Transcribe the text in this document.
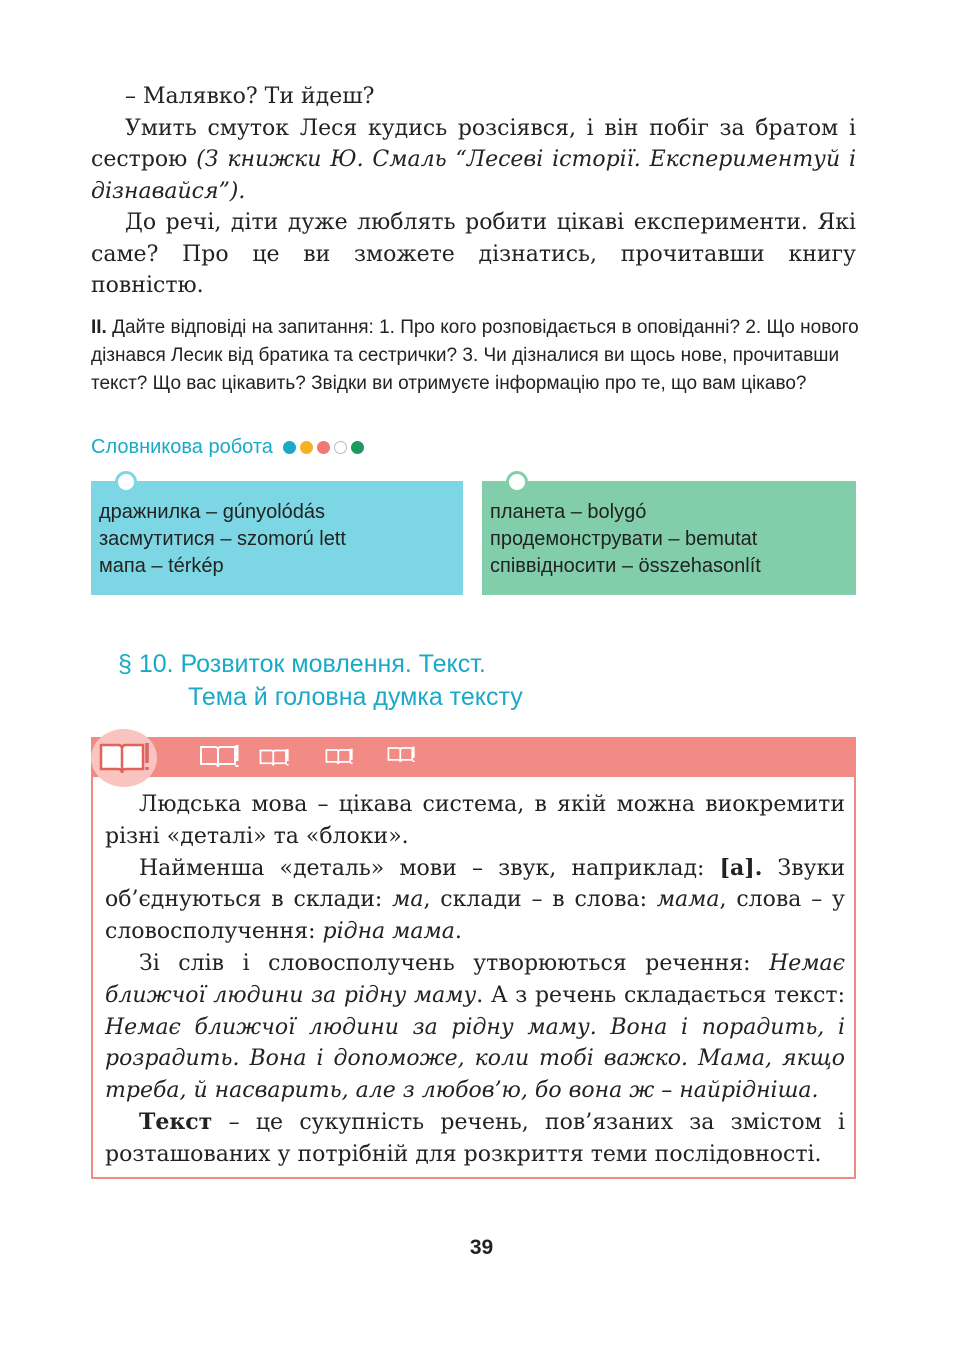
– Малявко? Ти йдеш?

Умить смуток Леся кудись розсіявся, і він побіг за братом і сестрою (З книжки Ю. Смаль “Лесеві історії. Експериментуй і дізнавайся”).

До речі, діти дуже люблять робити цікаві експерименти. Які саме? Про це ви зможете дізнатись, прочитавши книгу повністю.

II. Дайте відповіді на запитання: 1. Про кого розповідається в оповіданні? 2. Що нового дізнався Лесик від братика та сестрички? 3. Чи дізналися ви щось нове, прочитавши текст? Що вас цікавить? Звідки ви отримуєте інформацію про те, що вам цікаво?
Словникова робота
дражнилка – gúnyolódás
засмутитися – szomorú lett
мапа – térkép
планета – bolygó
продемонструвати – bemutat
співвідносити – összehasonlít
§ 10. Розвиток мовлення. Текст.
Тема й головна думка тексту

Людська мова – цікава система, в якій можна виокремити різні «деталі» та «блоки».

Найменша «деталь» мови – звук, наприклад: [а]. Звуки об’єднуються в склади: ма, склади – в слова: мама, слова – у словосполучення: рідна мама.

Зі слів і словосполучень утворюються речення: Немає ближчої людини за рідну маму. А з речень складається текст: Немає ближчої людини за рідну маму. Вона і порадить, і розрадить. Вона і допоможе, коли тобі важко. Мама, якщо треба, й насварить, але з любов’ю, бо вона ж – найрідніша.

Текст – це сукупність речень, пов’язаних за змістом і розташованих у потрібній для розкриття теми послідовності.

39
